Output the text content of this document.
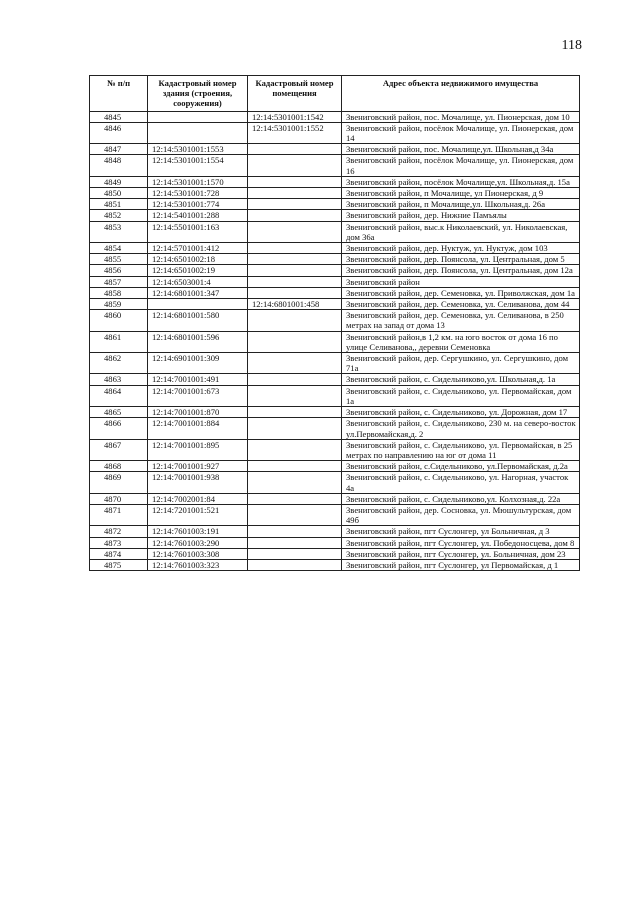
118
№ п/п	Кадастровый номер здания (строения, сооружения)	Кадастровый номер помещения	Адрес объекта недвижимого имущества
4845		12:14:5301001:1542	Звениговский район, пос. Мочалище, ул. Пионерская, дом 10
4846		12:14:5301001:1552	Звениговский район, посёлок Мочалище, ул. Пионерская, дом 14
4847	12:14:5301001:1553		Звениговский район, пос. Мочалище,ул. Школьная,д 34а
4848	12:14:5301001:1554		Звениговский район, посёлок Мочалище, ул. Пионерская, дом 16
4849	12:14:5301001:1570		Звениговский район, посёлок Мочалище,ул. Школьная,д. 15а
4850	12:14:5301001:728		Звениговский район, п Мочалище, ул Пионерская, д 9
4851	12:14:5301001:774		Звениговский район, п Мочалище,ул. Школьная,д. 26а
4852	12:14:5401001:288		Звениговский район, дер. Нижние Памъялы
4853	12:14:5501001:163		Звениговский район, выс.к Николаевский, ул. Николаевская, дом 36а
4854	12:14:5701001:412		Звениговский район, дер. Нуктуж, ул. Нуктуж, дом 103
4855	12:14:6501002:18		Звениговский район, дер. Поянсола, ул. Центральная, дом 5
4856	12:14:6501002:19		Звениговский район, дер. Поянсола, ул. Центральная, дом 12а
4857	12:14:6503001:4		Звениговский район
4858	12:14:6801001:347		Звениговский район, дер. Семеновка, ул. Приволжская, дом 1а
4859		12:14:6801001:458	Звениговский район, дер. Семеновка, ул. Селиванова, дом 44
4860	12:14:6801001:580		Звениговский район, дер. Семеновка, ул. Селиванова, в 250 метрах на запад от дома 13
4861	12:14:6801001:596		Звениговский район,в 1,2 км. на юго восток от дома 16 по улице Селиванова,, деревни Семеновка
4862	12:14:6901001:309		Звениговский район, дер. Сергушкино, ул. Сергушкино, дом 71а
4863	12:14:7001001:491		Звениговский район, с. Сидельниково,ул. Школьная,д. 1а
4864	12:14:7001001:673		Звениговский район, с. Сидельниково, ул. Первомайская, дом 1а
4865	12:14:7001001:870		Звениговский район, с. Сидельниково, ул. Дорожная, дом 17
4866	12:14:7001001:884		Звениговский район, с. Сидельниково, 230 м. на северо-восток ул.Первомайская,д. 2
4867	12:14:7001001:895		Звениговский район, с. Сидельниково, ул. Первомайская, в 25 метрах по направлению на юг от дома 11
4868	12:14:7001001:927		Звениговский район, с.Сидельниково, ул.Первомайская, д.2а
4869	12:14:7001001:938		Звениговский район, с. Сидельниково, ул. Нагорная, участок 4а
4870	12:14:7002001:84		Звениговский район, с. Сидельниково,ул. Колхозная,д. 22а
4871	12:14:7201001:521		Звениговский район, дер. Сосновка, ул. Мюшультурская, дом 49б
4872	12:14:7601003:191		Звениговский район, пгт Суслонгер, ул Больничная, д 3
4873	12:14:7601003:290		Звениговский район, пгт Суслонгер, ул. Победоносцева, дом 8
4874	12:14:7601003:308		Звениговский район, пгт Суслонгер, ул. Больничная, дом 23
4875	12:14:7601003:323		Звениговский район, пгт Суслонгер, ул Первомайская, д 1
